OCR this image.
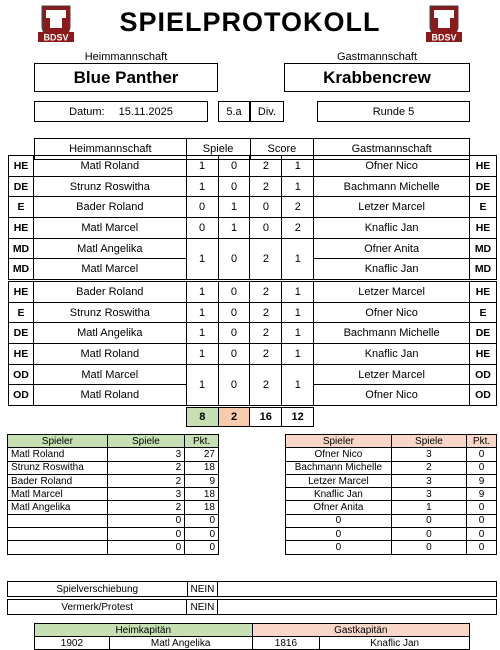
BDSV	BDSV
SPIELPROTOKOLL
Heimmannschaft
Blue Panther
Gastmannschaft
Krabbencrew
Datum: 15.11.2025	5.a	Div.	Runde 5
Heimmannschaft	Spiele	Score	Gastmannschaft
HE	Matl Roland	1	0	2	1	Ofner Nico	HE
DE	Strunz Roswitha	1	0	2	1	Bachmann Michelle	DE
E	Bader Roland	0	1	0	2	Letzer Marcel	E
HE	Matl Marcel	0	1	0	2	Knaflic Jan	HE
MD	Matl Angelika	1	0	2	1	Ofner Anita	MD
MD	Matl Marcel					Knaflic Jan	MD
HE	Bader Roland	1	0	2	1	Letzer Marcel	HE
E	Strunz Roswitha	1	0	2	1	Ofner Nico	E
DE	Matl Angelika	1	0	2	1	Bachmann Michelle	DE
HE	Matl Roland	1	0	2	1	Knaflic Jan	HE
OD	Matl Marcel	1	0	2	1	Letzer Marcel	OD
OD	Matl Roland					Ofner Nico	OD
8	2	16	12
Spieler	Spiele	Pkt.
Matl Roland	3	27
Strunz Roswitha	2	18
Bader Roland	2	9
Matl Marcel	3	18
Matl Angelika	2	18
	0	0
	0	0
	0	0
Spieler	Spiele	Pkt.
Ofner Nico	3	0
Bachmann Michelle	2	0
Letzer Marcel	3	9
Knaflic Jan	3	9
Ofner Anita	1	0
0	0	0
0	0	0
0	0	0
Spielverschiebung	NEIN	
Vermerk/Protest	NEIN	
Heimkapitän		Gastkapitän	
1902	Matl Angelika	1816	Knaflic Jan
